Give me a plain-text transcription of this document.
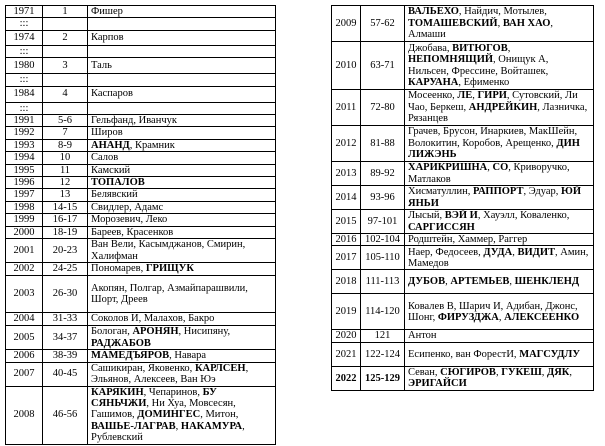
1971	1	Фишер
:::		
1974	2	Карпов
:::		
1980	3	Таль
:::		
1984	4	Каспаров
:::		
1991	5-6	Гельфанд, Иванчук
1992	7	Широв
1993	8-9	АНАНД, Крамник
1994	10	Салов
1995	11	Камский
1996	12	ТОПАЛОВ
1997	13	Белявский
1998	14-15	Свидлер, Адамс
1999	16-17	Морозевич, Леко
2000	18-19	Бареев, Красенков
2001	20-23	Ван Вели, Касымджанов, Смирин, Халифман
2002	24-25	Пономарев, ГРИЩУК
2003	26-30	Акопян, Полгар, Азмайпарашвили, Шорт, Дреев
2004	31-33	Соколов И, Малахов, Бакро
2005	34-37	Бологан, АРОНЯН, Нисипяну, РАДЖАБОВ
2006	38-39	МАМЕДЪЯРОВ, Навара
2007	40-45	Сашикиран, Яковенко, КАРЛСЕН, Эльянов, Алексеев, Ван Юэ
2008	46-56	КАРЯКИН, Чепаринов, БУ СЯНЬЧЖИ, Ни Хуа, Мовсесян, Гашимов, ДОМИНГЕС, Митон, ВАШЬЕ-ЛАГРАВ, НАКАМУРА, Рублевский
2009	57-62	ВАЛЬЕХО, Найдич, Мотылев, ТОМАШЕВСКИЙ, ВАН ХАО, Алмаши
2010	63-71	Джобава, ВИТЮГОВ, НЕПОМНЯЩИЙ, Онищук А, Нильсен, Фрессине, Войташек, КАРУАНА, Ефименко
2011	72-80	Мосеенко, ЛЕ, ГИРИ, Сутовский, Ли Чао, Беркеш, АНДРЕЙКИН, Лазничка, Рязанцев
2012	81-88	Грачев, Брусон, Инаркиев, МакШейн, Волокитин, Коробов, Арещенко, ДИН ЛИЖЭНЬ
2013	89-92	ХАРИКРИШНА, СО, Криворучко, Матлаков
2014	93-96	Хисматуллин, РАППОРТ, Эдуар, ЮЙ ЯНЬИ
2015	97-101	Лысый, ВЭЙ И, Хауэлл, Коваленко, САРГИССЯН
2016	102-104	Родштейн, Хаммер, Раггер
2017	105-110	Наер, Федосеев, ДУДА, ВИДИТ, Амин, Мамедов
2018	111-113	ДУБОВ, АРТЕМЬЕВ, ШЕНКЛЕНД
2019	114-120	Ковалев В, Шарич И, Адибан, Джонс, Шонг, ФИРУЗДЖА, АЛЕКСЕЕНКО
2020	121	Антон
2021	122-124	Есипенко, ван ФорестИ, МАГСУДЛУ
2022	125-129	Севан, СЮГИРОВ, ГУКЕШ, ДЯК, ЭРИГАЙСИ
